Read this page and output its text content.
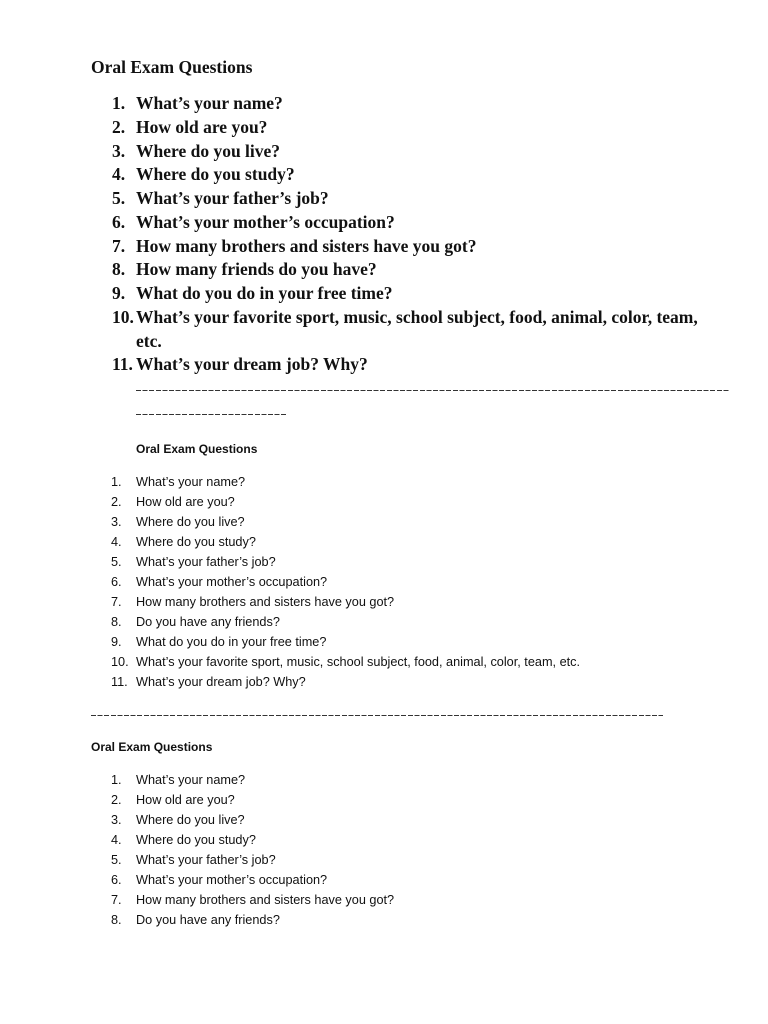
Oral Exam Questions
1. What’s your name?
2. How old are you?
3. Where do you live?
4. Where do you study?
5. What’s your father’s job?
6. What’s your mother’s occupation?
7. How many brothers and sisters have you got?
8. How many friends do you have?
9. What do you do in your free time?
10. What’s your favorite sport, music, school subject, food, animal, color, team, etc.
11. What’s your dream job? Why?
Oral Exam Questions
1.	What’s your name?
2.	How old are you?
3.	Where do you live?
4.	Where do you study?
5.	What’s your father’s job?
6.	What’s your mother’s occupation?
7.	How many brothers and sisters have you got?
8.	Do you have any friends?
9.	What do you do in your free time?
10. What’s your favorite sport, music, school subject, food, animal, color, team, etc.
11. What’s your dream job? Why?
Oral Exam Questions
1.	What’s your name?
2.	How old are you?
3.	Where do you live?
4.	Where do you study?
5.	What’s your father’s job?
6.	What’s your mother’s occupation?
7.	How many brothers and sisters have you got?
8.	Do you have any friends?
